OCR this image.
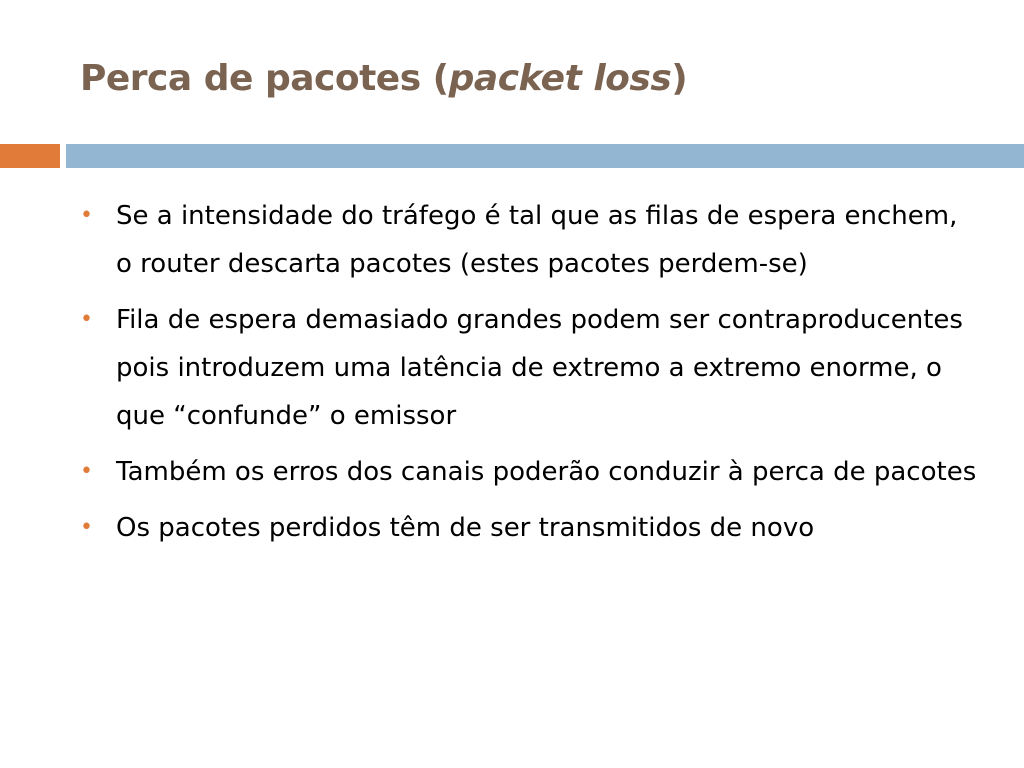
Perca de pacotes (packet loss)
• Se a intensidade do tráfego é tal que as filas de espera enchem, o router descarta pacotes (estes pacotes perdem-se)
• Fila de espera demasiado grandes podem ser contraproducentes pois introduzem uma latência de extremo a extremo enorme, o que “confunde” o emissor
• Também os erros dos canais poderão conduzir à perca de pacotes
• Os pacotes perdidos têm de ser transmitidos de novo
